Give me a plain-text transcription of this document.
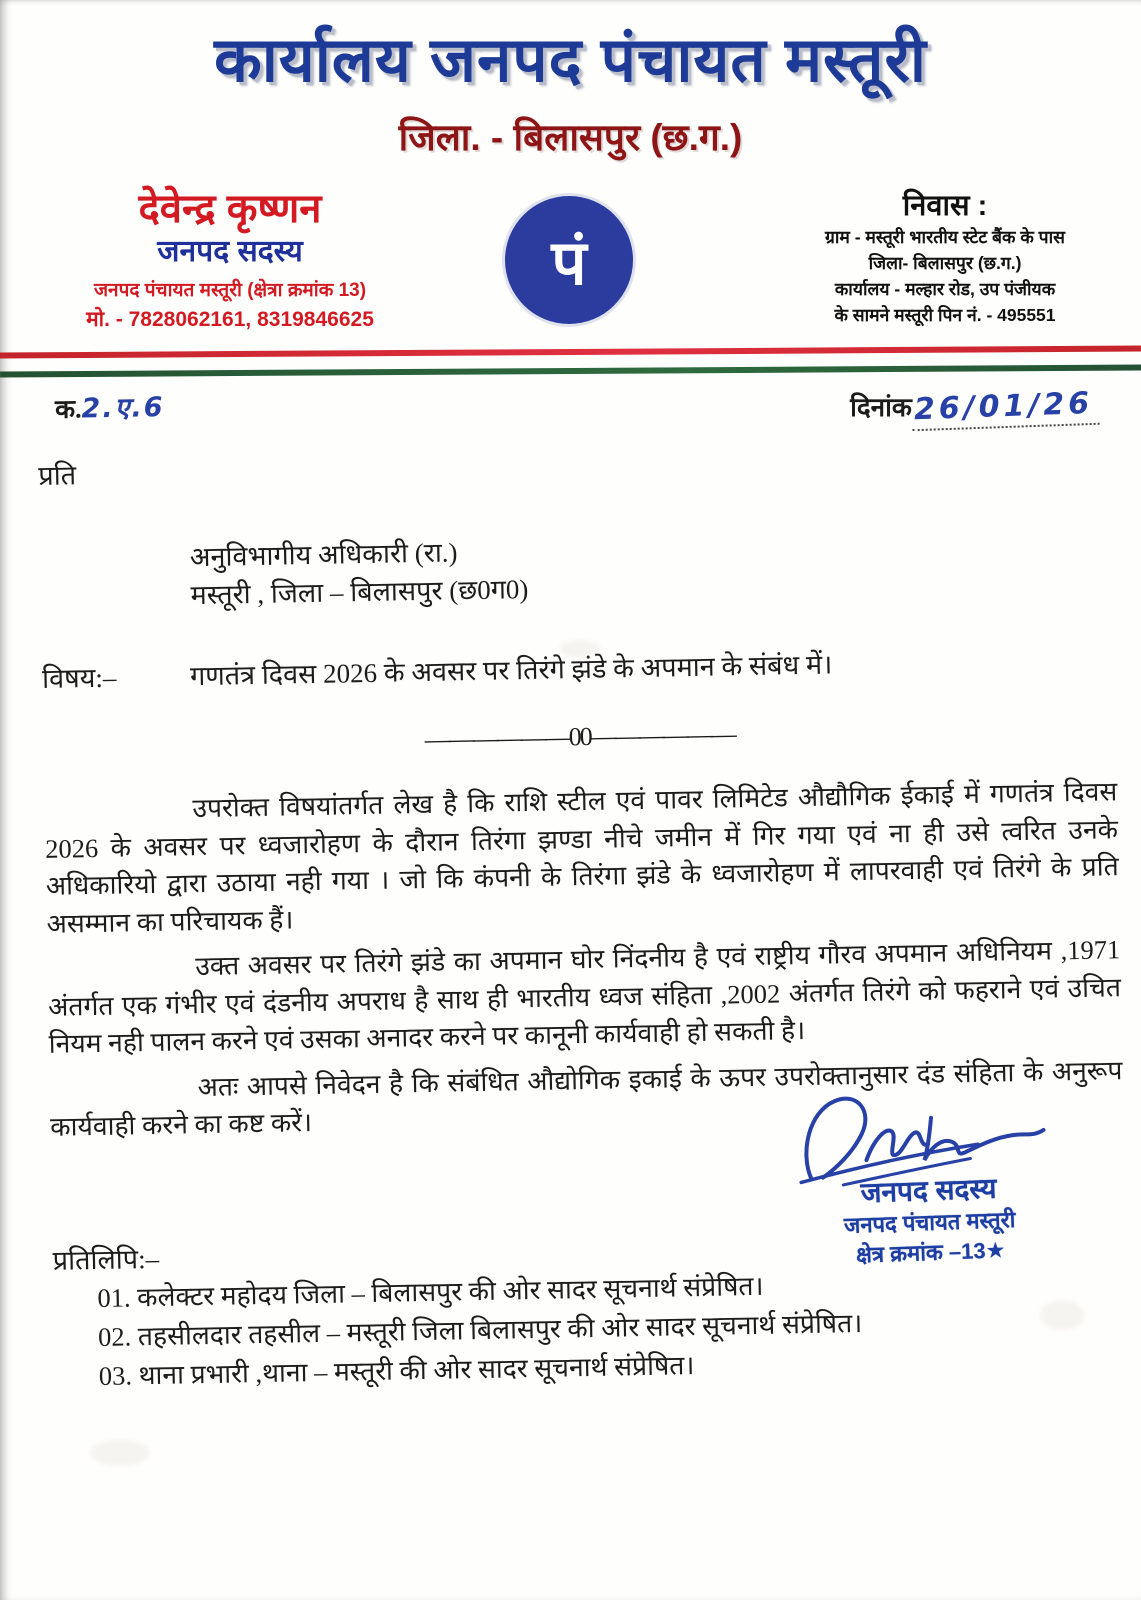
कार्यालय जनपद पंचायत मस्तूरी
जिला. - बिलासपुर (छ.ग.)
देवेन्द्र कृष्णन
जनपद सदस्य
जनपद पंचायत मस्तूरी (क्षेत्रा क्रमांक 13)
मो. - 7828062161, 8319846625
पं
निवास :
ग्राम - मस्तूरी भारतीय स्टेट बैंक के पास
जिला- बिलासपुर (छ.ग.)
कार्यालय - मल्हार रोड, उप पंजीयक
के सामने मस्तूरी पिन नं. - 495551
क.2.ए.6	दिनांक26/01/26
प्रति
अनुविभागीय अधिकारी (रा.)
मस्तूरी , जिला – बिलासपुर (छ0ग0)
विषय:–	गणतंत्र दिवस 2026 के अवसर पर तिरंगे झंडे के अपमान के संबंध में।
——————00——————
उपरोक्त विषयांतर्गत लेख है कि राशि स्टील एवं पावर लिमिटेड औद्यौगिक ईकाई में गणतंत्र दिवस 2026 के अवसर पर ध्वजारोहण के दौरान तिरंगा झण्डा नीचे जमीन में गिर गया एवं ना ही उसे त्वरित उनके अधिकारियो द्वारा उठाया नही गया । जो कि कंपनी के तिरंगा झंडे के ध्वजारोहण में लापरवाही एवं तिरंगे के प्रति असम्मान का परिचायक हैं।
उक्त अवसर पर तिरंगे झंडे का अपमान घोर निंदनीय है एवं राष्ट्रीय गौरव अपमान अधिनियम ,1971 अंतर्गत एक गंभीर एवं दंडनीय अपराध है साथ ही भारतीय ध्वज संहिता ,2002 अंतर्गत तिरंगे को फहराने एवं उचित नियम नही पालन करने एवं उसका अनादर करने पर कानूनी कार्यवाही हो सकती है।
अतः आपसे निवेदन है कि संबंधित औद्योगिक इकाई के ऊपर उपरोक्तानुसार दंड संहिता के अनुरूप कार्यवाही करने का कष्ट करें।
प्रतिलिपि:–
01. कलेक्टर महोदय जिला – बिलासपुर की ओर सादर सूचनार्थ संप्रेषित।
02. तहसीलदार तहसील – मस्तूरी जिला बिलासपुर की ओर सादर सूचनार्थ संप्रेषित।
03. थाना प्रभारी ,थाना – मस्तूरी की ओर सादर सूचनार्थ संप्रेषित।
जनपद सदस्य
जनपद पंचायत मस्तूरी
क्षेत्र क्रमांक –13★
